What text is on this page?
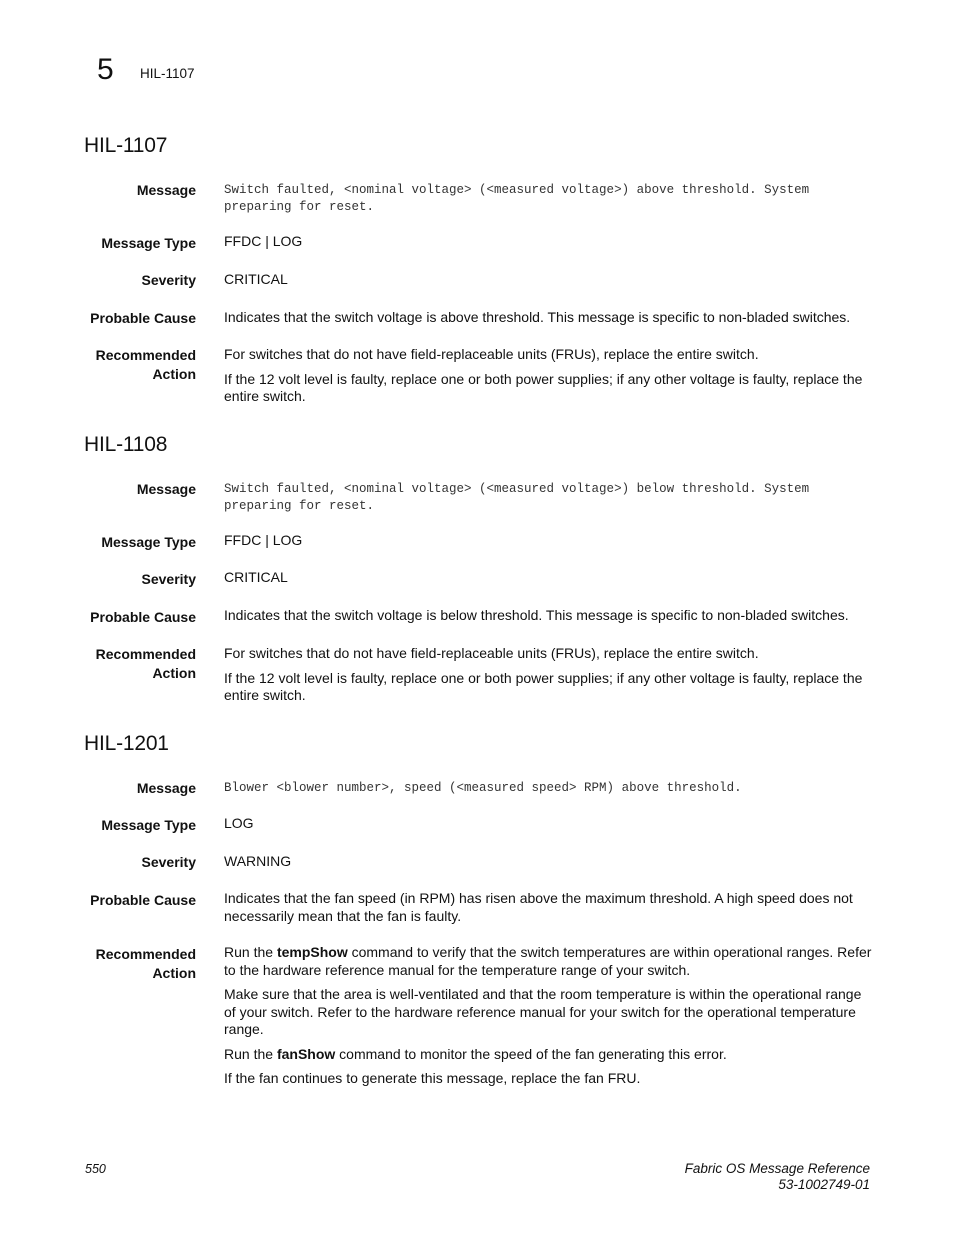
5 HIL-1107
HIL-1107
Message Switch faulted, <nominal voltage> (<measured voltage>) above threshold. System preparing for reset.
Message Type FFDC | LOG
Severity CRITICAL
Probable Cause Indicates that the switch voltage is above threshold. This message is specific to non-bladed switches.
Recommended
Action

For switches that do not have field-replaceable units (FRUs), replace the entire switch.

If the 12 volt level is faulty, replace one or both power supplies; if any other voltage is faulty, replace the entire switch.

HIL-1108
Message Switch faulted, <nominal voltage> (<measured voltage>) below threshold. System preparing for reset.
Message Type FFDC | LOG
Severity CRITICAL
Probable Cause Indicates that the switch voltage is below threshold. This message is specific to non-bladed switches.
Recommended
Action

For switches that do not have field-replaceable units (FRUs), replace the entire switch.

If the 12 volt level is faulty, replace one or both power supplies; if any other voltage is faulty, replace the entire switch.

HIL-1201
Message Blower <blower number>, speed (<measured speed> RPM) above threshold.
Message Type LOG
Severity WARNING
Probable Cause Indicates that the fan speed (in RPM) has risen above the maximum threshold. A high speed does not necessarily mean that the fan is faulty.
Recommended
Action

Run the tempShow command to verify that the switch temperatures are within operational ranges. Refer to the hardware reference manual for the temperature range of your switch.

Make sure that the area is well-ventilated and that the room temperature is within the operational range of your switch. Refer to the hardware reference manual for your switch for the operational temperature range.

Run the fanShow command to monitor the speed of the fan generating this error.

If the fan continues to generate this message, replace the fan FRU.

550	Fabric OS Message Reference
53-1002749-01
